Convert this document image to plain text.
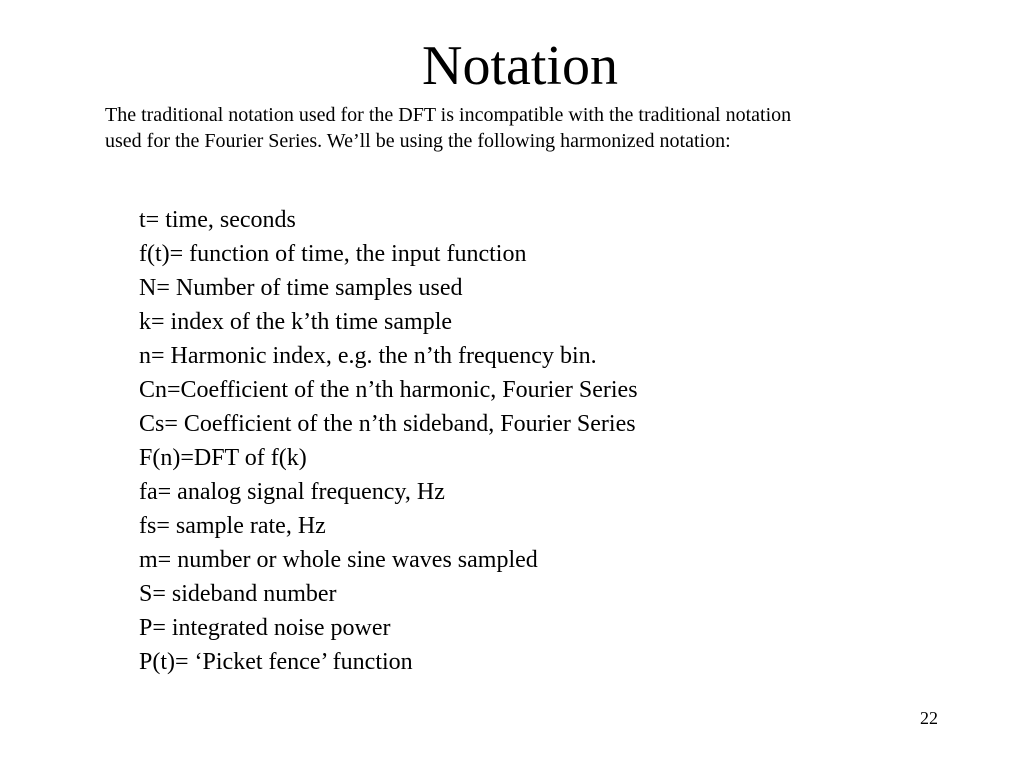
Notation

The traditional notation used for the DFT is incompatible with the traditional notation

used for the Fourier Series. We’ll be using the following harmonized notation:

t= time, seconds
f(t)= function of time, the input function
N= Number of time samples used
k= index of the k’th time sample
n= Harmonic index, e.g. the n’th frequency bin.
Cn=Coefficient of the n’th harmonic, Fourier Series
Cs= Coefficient of the n’th sideband, Fourier Series
F(n)=DFT of f(k)
fa= analog signal frequency, Hz
fs= sample rate, Hz
m= number or whole sine waves sampled
S= sideband number
P= integrated noise power
P(t)= ‘Picket fence’ function
22
